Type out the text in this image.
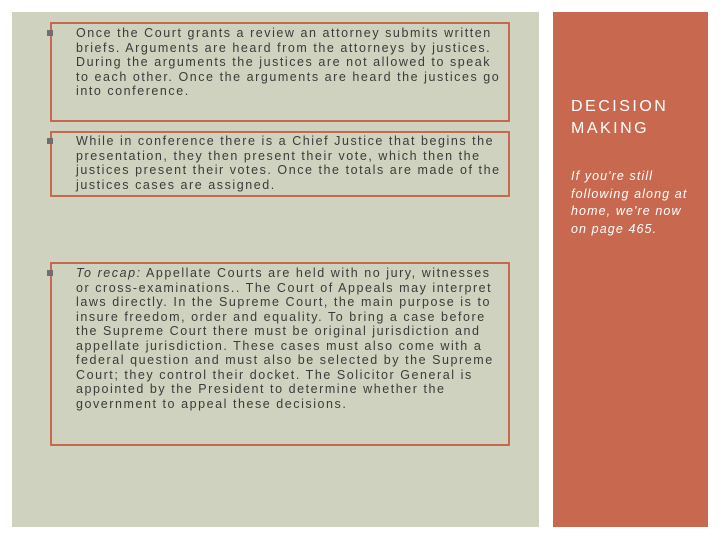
Once the Court grants a review an attorney submits written briefs. Arguments are heard from the attorneys by justices. During the arguments the justices are not allowed to speak to each other. Once the arguments are heard the justices go into conference.
While in conference there is a Chief Justice that begins the presentation, they then present their vote, which then the justices present their votes. Once the totals are made of the justices cases are assigned.
To recap: Appellate Courts are held with no jury, witnesses or cross-examinations.. The Court of Appeals may interpret laws directly. In the Supreme Court, the main purpose is to insure freedom, order and equality. To bring a case before the Supreme Court there must be original jurisdiction and appellate jurisdiction. These cases must also come with a federal question and must also be selected by the Supreme Court; they control their docket. The Solicitor General is appointed by the President to determine whether the government to appeal these decisions.
DECISION MAKING
If you're still following along at home, we're now on page 465.
